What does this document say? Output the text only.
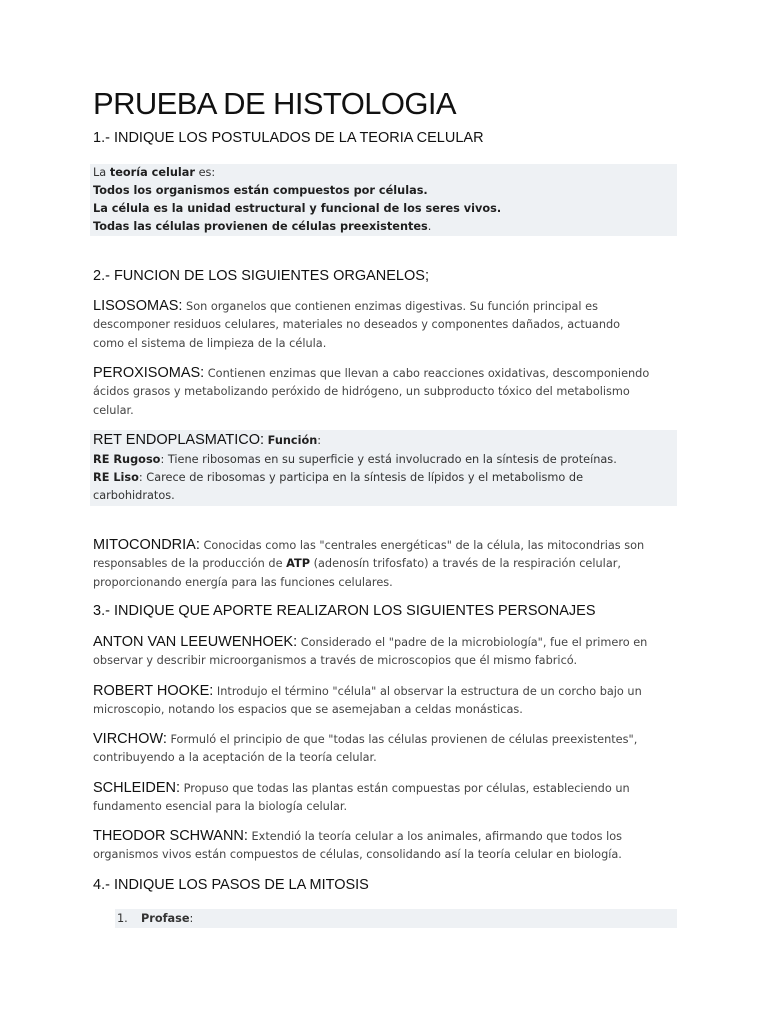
PRUEBA DE HISTOLOGIA
1.- INDIQUE LOS POSTULADOS DE LA TEORIA CELULAR
La teoría celular es:
Todos los organismos están compuestos por células.
La célula es la unidad estructural y funcional de los seres vivos.
Todas las células provienen de células preexistentes.
2.- FUNCION DE LOS SIGUIENTES ORGANELOS;
LISOSOMAS: Son organelos que contienen enzimas digestivas. Su función principal es
descomponer residuos celulares, materiales no deseados y componentes dañados, actuando
como el sistema de limpieza de la célula.
PEROXISOMAS: Contienen enzimas que llevan a cabo reacciones oxidativas, descomponiendo
ácidos grasos y metabolizando peróxido de hidrógeno, un subproducto tóxico del metabolismo
celular.
RET ENDOPLASMATICO: Función:
RE Rugoso: Tiene ribosomas en su superficie y está involucrado en la síntesis de proteínas.
RE Liso: Carece de ribosomas y participa en la síntesis de lípidos y el metabolismo de
carbohidratos.
MITOCONDRIA: Conocidas como las "centrales energéticas" de la célula, las mitocondrias son
responsables de la producción de ATP (adenosín trifosfato) a través de la respiración celular,
proporcionando energía para las funciones celulares.
3.- INDIQUE QUE APORTE REALIZARON LOS SIGUIENTES PERSONAJES
ANTON VAN LEEUWENHOEK: Considerado el "padre de la microbiología", fue el primero en
observar y describir microorganismos a través de microscopios que él mismo fabricó.
ROBERT HOOKE: Introdujo el término "célula" al observar la estructura de un corcho bajo un
microscopio, notando los espacios que se asemejaban a celdas monásticas.
VIRCHOW: Formuló el principio de que "todas las células provienen de células preexistentes",
contribuyendo a la aceptación de la teoría celular.
SCHLEIDEN: Propuso que todas las plantas están compuestas por células, estableciendo un
fundamento esencial para la biología celular.
THEODOR SCHWANN: Extendió la teoría celular a los animales, afirmando que todos los
organismos vivos están compuestos de células, consolidando así la teoría celular en biología.
4.- INDIQUE LOS PASOS DE LA MITOSIS
1. Profase:
